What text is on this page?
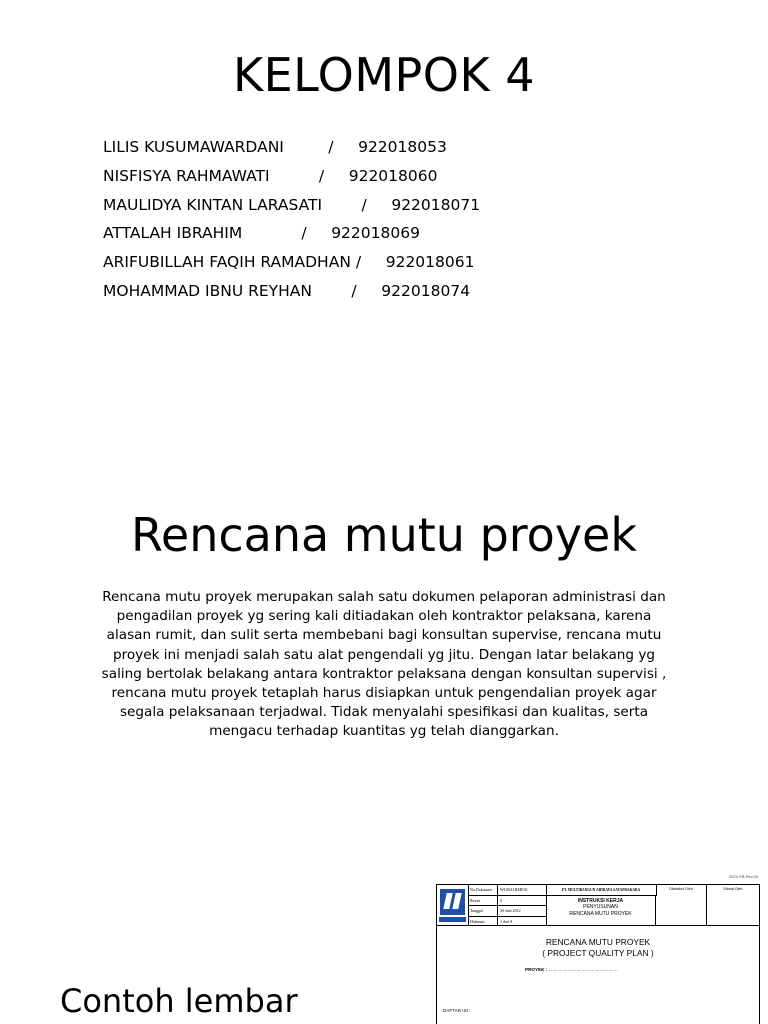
KELOMPOK 4
LILIS KUSUMAWARDANI         /     922018053
NISFISYA RAHMAWATI          /     922018060
MAULIDYA KINTAN LARASATI        /     922018071
ATTALAH IBRAHIM            /     922018069
ARIFUBILLAH FAQIH RAMADHAN /     922018061
MOHAMMAD IBNU REYHAN        /     922018074
Rencana mutu proyek

Rencana mutu proyek merupakan salah satu dokumen pelaporan administrasi dan pengadilan proyek yg sering kali ditiadakan oleh kontraktor pelaksana, karena alasan rumit, dan sulit serta membebani bagi konsultan supervise, rencana mutu proyek ini menjadi salah satu alat pengendali yg jitu. Dengan latar belakang yg saling bertolak belakang antara kontraktor pelaksana dengan konsultan supervisi , rencana mutu proyek tetaplah harus disiapkan untuk pengendalian proyek agar segala pelaksanaan terjadwal. Tidak menyalahi spesifikasi dan kualitas, serta mengacu terhadap kuantitas yg telah dianggarkan.

Contoh lembar

DOX-FB Rev.00
No.Dokumen	WI.MAI.RMP.01
Revisi	0
Tanggal	30 Juni 2012
Halaman	1 dari 8
PT. MULTIBANGUN AHIRAYA SATAPRAKARA
INSTRUKSI KERJA
PENYUSUNAN
RENCANA MUTU PROYEK
Diketahui Oleh	Dibuat Oleh
RENCANA MUTU PROYEK
( PROJECT QUALITY PLAN )
PROYEK : ......................................................
DAFTAR ISI :
